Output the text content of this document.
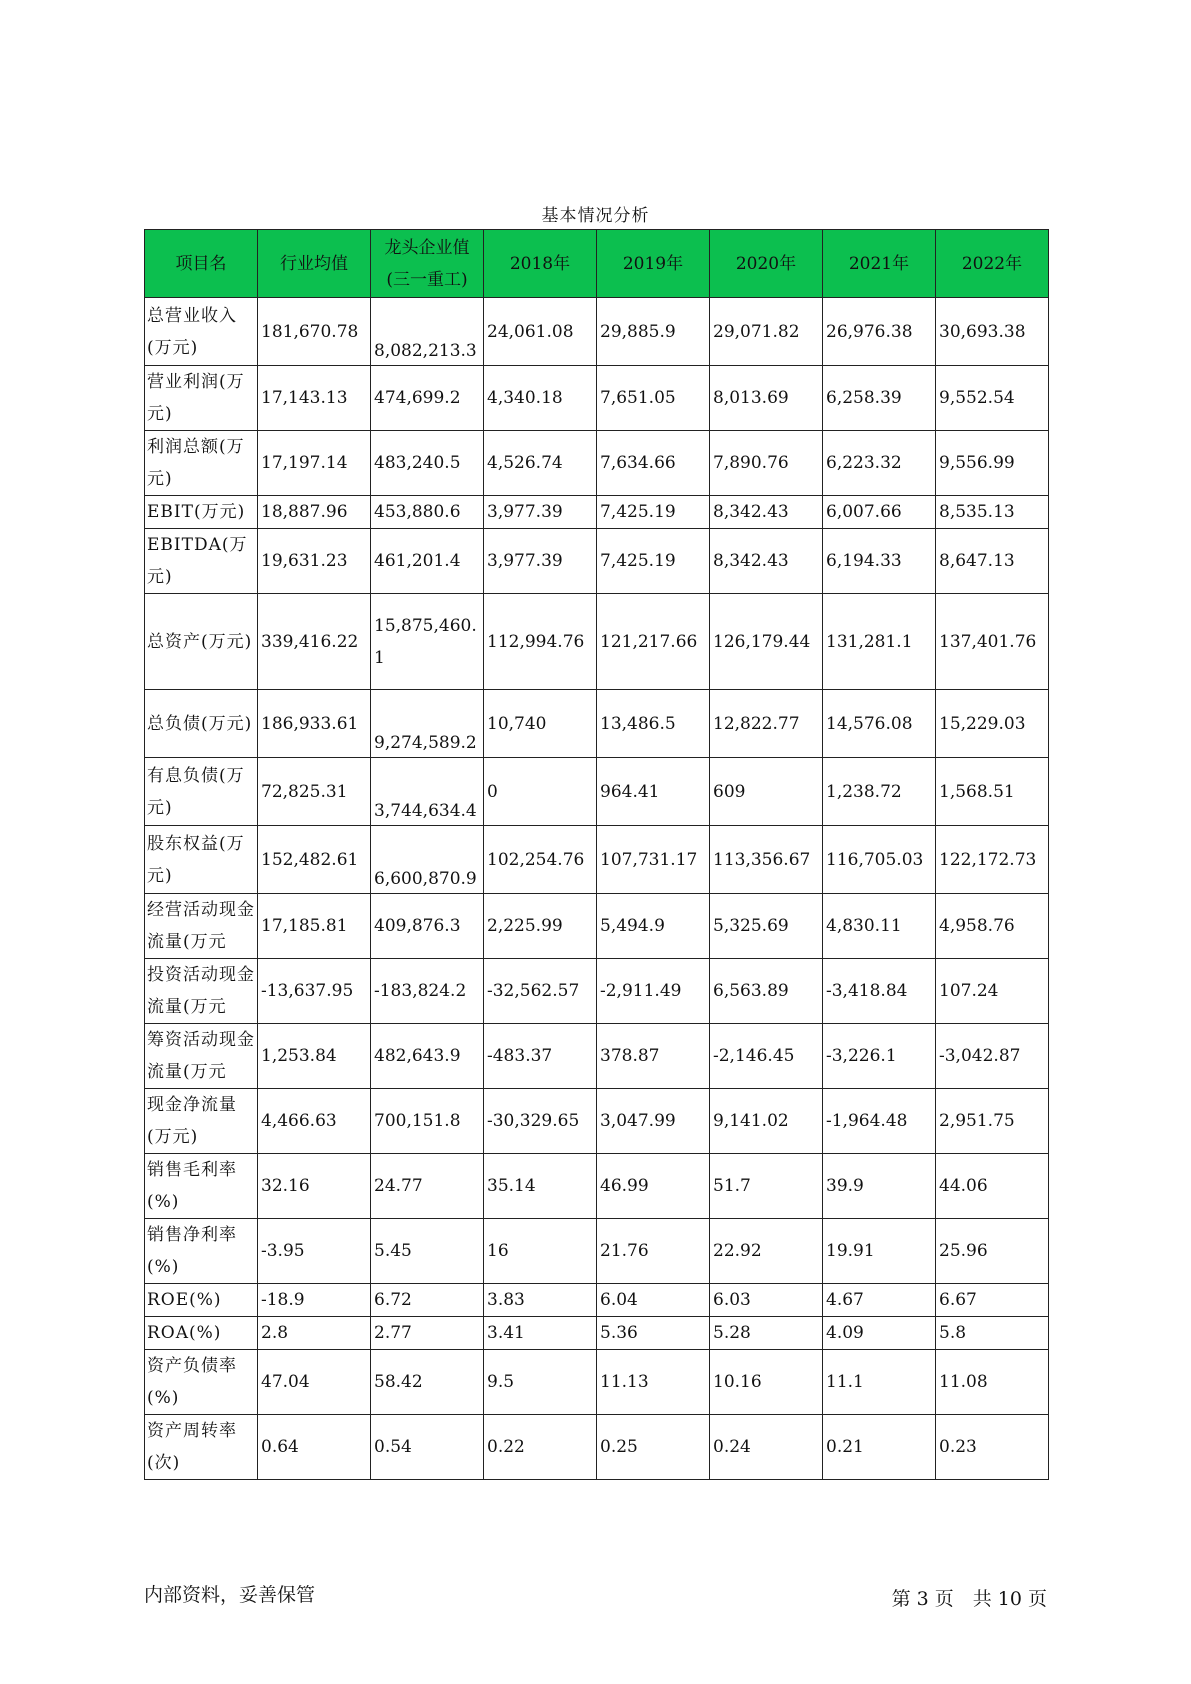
基本情况分析
项目名	行业均值	龙头企业值(三一重工)	2018年	2019年	2020年	2021年	2022年
总营业收入(万元)	181,670.78	8,082,213.3	24,061.08	29,885.9	29,071.82	26,976.38	30,693.38
营业利润(万元)	17,143.13	474,699.2	4,340.18	7,651.05	8,013.69	6,258.39	9,552.54
利润总额(万元)	17,197.14	483,240.5	4,526.74	7,634.66	7,890.76	6,223.32	9,556.99
EBIT(万元)	18,887.96	453,880.6	3,977.39	7,425.19	8,342.43	6,007.66	8,535.13
EBITDA(万元)	19,631.23	461,201.4	3,977.39	7,425.19	8,342.43	6,194.33	8,647.13
总资产(万元)	339,416.22	15,875,460.1	112,994.76	121,217.66	126,179.44	131,281.1	137,401.76
总负债(万元)	186,933.61	9,274,589.2	10,740	13,486.5	12,822.77	14,576.08	15,229.03
有息负债(万元)	72,825.31	3,744,634.4	0	964.41	609	1,238.72	1,568.51
股东权益(万元)	152,482.61	6,600,870.9	102,254.76	107,731.17	113,356.67	116,705.03	122,172.73
经营活动现金流量(万元	17,185.81	409,876.3	2,225.99	5,494.9	5,325.69	4,830.11	4,958.76
投资活动现金流量(万元	-13,637.95	-183,824.2	-32,562.57	-2,911.49	6,563.89	-3,418.84	107.24
筹资活动现金流量(万元	1,253.84	482,643.9	-483.37	378.87	-2,146.45	-3,226.1	-3,042.87
现金净流量(万元)	4,466.63	700,151.8	-30,329.65	3,047.99	9,141.02	-1,964.48	2,951.75
销售毛利率(%)	32.16	24.77	35.14	46.99	51.7	39.9	44.06
销售净利率(%)	-3.95	5.45	16	21.76	22.92	19.91	25.96
ROE(%)	-18.9	6.72	3.83	6.04	6.03	4.67	6.67
ROA(%)	2.8	2.77	3.41	5.36	5.28	4.09	5.8
资产负债率(%)	47.04	58.42	9.5	11.13	10.16	11.1	11.08
资产周转率(次)	0.64	0.54	0.22	0.25	0.24	0.21	0.23
内部资料，妥善保管	第 3 页　共 10 页
